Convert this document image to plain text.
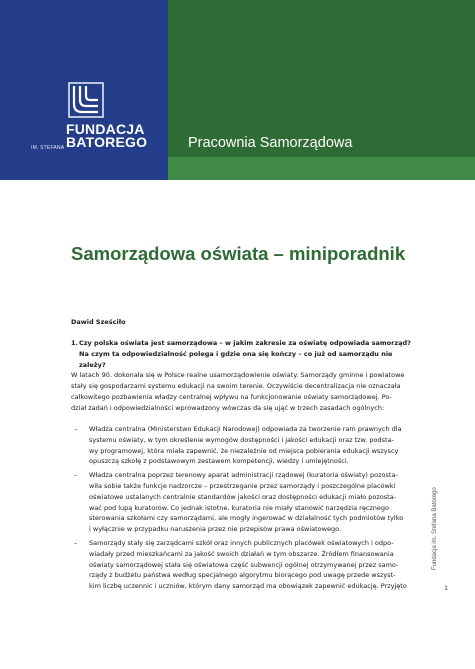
FUNDACJA
BATOREGO
IM. STEFANA	Pracownia Samorządowa
Samorządowa oświata – miniporadnik
Dawid Sześciło
1. Czy polska oświata jest samorządowa – w jakim zakresie za oświatę odpowiada samorząd?
Na czym ta odpowiedzialność polega i gdzie ona się kończy – co już od samorządu nie zależy?
W latach 90. dokonała się w Polsce realne usamorządowienie oświaty. Samorządy gminne i powiatowe
stały się gospodarzami systemu edukacji na swoim terenie. Oczywiście decentralizacja nie oznaczała
całkowitego pozbawienia władzy centralnej wpływu na funkcjonowanie oświaty samorządowej. Po-
dział zadań i odpowiedzialności wprowadzony wówczas da się ująć w trzech zasadach ogólnych:
– Władza centralna (Ministerstwo Edukacji Narodowej) odpowiada za tworzenie ram prawnych dla
systemu oświaty, w tym określenie wymogów dostępności i jakości edukacji oraz tzw. podsta-
wy programowej, która miała zapewnić, że niezależnie od miejsca pobierania edukacji wszyscy
opuszczą szkołę z podstawowym zestawem kompetencji, wiedzy i umiejętności.
– Władza centralna poprzez terenowy aparat administracji rządowej (kuratoria oświaty) pozosta-
wiła sobie także funkcje nadzorcze – przestrzeganie przez samorządy i poszczególne placówki
oświatowe ustalanych centralnie standardów jakości oraz dostępności edukacji miało pozosta-
wać pod lupą kuratorów. Co jednak istotne, kuratoria nie miały stanowić narzędzia ręcznego
sterowania szkołami czy samorządami, ale mogły ingerować w działalność tych podmiotów tylko
i wyłącznie w przypadku naruszenia przez nie przepisów prawa oświatowego.
– Samorządy stały się zarządcami szkół oraz innych publicznych placówek oświatowych i odpo-
wiadały przed mieszkańcami za jakość swoich działań w tym obszarze. Źródłem finansowania
oświaty samorządowej stała się oświatowa część subwencji ogólnej otrzymywanej przez samo-
rządy z budżetu państwa według specjalnego algorytmu biorącego pod uwagę przede wszyst-
kim liczbę uczennic i uczniów, którym dany samorząd ma obowiązek zapewnić edukację. Przyjęto
Fundacja im. Stefana Batorego
1
